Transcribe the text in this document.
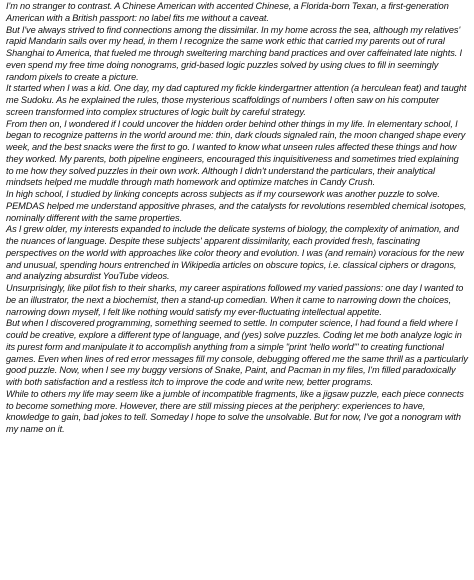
I'm no stranger to contrast. A Chinese American with accented Chinese, a Florida-born Texan, a first-generation American with a British passport: no label fits me without a caveat.

But I've always strived to find connections among the dissimilar. In my home across the sea, although my relatives' rapid Mandarin sails over my head, in them I recognize the same work ethic that carried my parents out of rural Shanghai to America, that fueled me through sweltering marching band practices and over caffeinated late nights. I even spend my free time doing nonograms, grid-based logic puzzles solved by using clues to fill in seemingly random pixels to create a picture.

It started when I was a kid. One day, my dad captured my fickle kindergartner attention (a herculean feat) and taught me Sudoku. As he explained the rules, those mysterious scaffoldings of numbers I often saw on his computer screen transformed into complex structures of logic built by careful strategy.

From then on, I wondered if I could uncover the hidden order behind other things in my life. In elementary school, I began to recognize patterns in the world around me: thin, dark clouds signaled rain, the moon changed shape every week, and the best snacks were the first to go. I wanted to know what unseen rules affected these things and how they worked. My parents, both pipeline engineers, encouraged this inquisitiveness and sometimes tried explaining to me how they solved puzzles in their own work. Although I didn't understand the particulars, their analytical mindsets helped me muddle through math homework and optimize matches in Candy Crush.

In high school, I studied by linking concepts across subjects as if my coursework was another puzzle to solve. PEMDAS helped me understand appositive phrases, and the catalysts for revolutions resembled chemical isotopes, nominally different with the same properties.

As I grew older, my interests expanded to include the delicate systems of biology, the complexity of animation, and the nuances of language. Despite these subjects' apparent dissimilarity, each provided fresh, fascinating perspectives on the world with approaches like color theory and evolution. I was (and remain) voracious for the new and unusual, spending hours entrenched in Wikipedia articles on obscure topics, i.e. classical ciphers or dragons, and analyzing absurdist YouTube videos.

Unsurprisingly, like pilot fish to their sharks, my career aspirations followed my varied passions: one day I wanted to be an illustrator, the next a biochemist, then a stand-up comedian. When it came to narrowing down the choices, narrowing down myself, I felt like nothing would satisfy my ever-fluctuating intellectual appetite.

But when I discovered programming, something seemed to settle. In computer science, I had found a field where I could be creative, explore a different type of language, and (yes) solve puzzles. Coding let me both analyze logic in its purest form and manipulate it to accomplish anything from a simple "print 'hello world'" to creating functional games. Even when lines of red error messages fill my console, debugging offered me the same thrill as a particularly good puzzle. Now, when I see my buggy versions of Snake, Paint, and Pacman in my files, I'm filled paradoxically with both satisfaction and a restless itch to improve the code and write new, better programs.

While to others my life may seem like a jumble of incompatible fragments, like a jigsaw puzzle, each piece connects to become something more. However, there are still missing pieces at the periphery: experiences to have, knowledge to gain, bad jokes to tell. Someday I hope to solve the unsolvable. But for now, I've got a nonogram with my name on it.
